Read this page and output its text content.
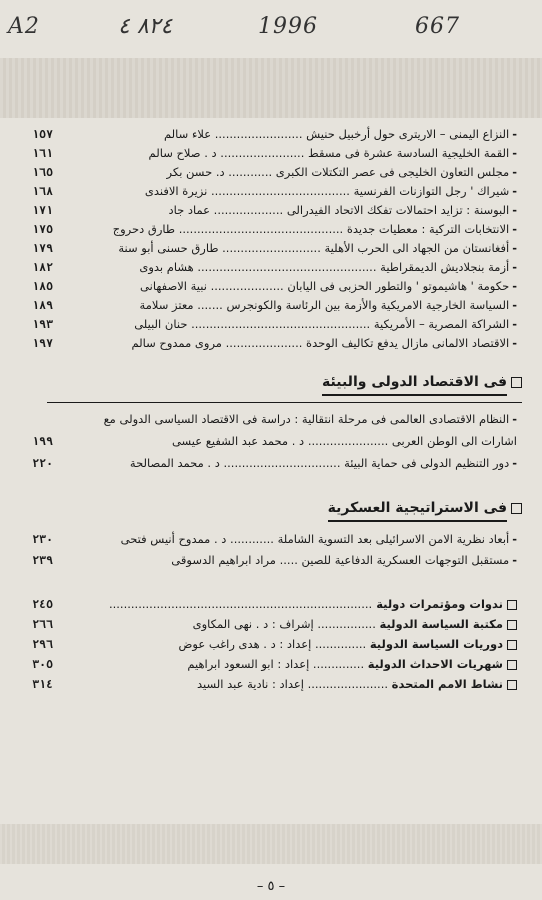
A2	٨٢٤ ٤	1996	667
-النزاع اليمنى – الاريترى حول أرخبيل حنيش ........................ علاء سالم
١٥٧
-القمة الخليجية السادسة عشرة فى مسقط ....................... د . صلاح سالم
١٦١
-مجلس التعاون الخليجى فى عصر التكتلات الكبرى ............ د. حسن بكر
١٦٥
-شيراك ' رجل التوازنات الفرنسية ...................................... نزيرة الافندى
١٦٨
-البوسنة : تزايد احتمالات تفكك الاتحاد الفيدرالى ................... عماد جاد
١٧١
-الانتخابات التركية : معطيات جديدة ............................................. طارق دحروج
١٧٥
-أفغانستان من الجهاد الى الحرب الأهلية ........................... طارق حسنى أبو سنة
١٧٩
-أزمة بنجلاديش الديمقراطية ................................................. هشام بدوى
١٨٢
-حكومة ' هاشيموتو ' والتطور الحزبى فى اليابان .................... نبية الاصفهانى
١٨٥
-السياسة الخارجية الامريكية والأزمة بين الرئاسة والكونجرس ....... معتز سلامة
١٨٩
-الشراكة المصرية – الأمريكية ................................................. حنان البيلى
١٩٣
-الاقتصاد الالمانى مازال يدفع تكاليف الوحدة ..................... مروى ممدوح سالم
١٩٧
فى الاقتصاد الدولى والبيئة
-النظام الاقتصادى العالمى فى مرحلة انتقالية : دراسة فى الاقتصاد السياسى الدولى مع
اشارات الى الوطن العربى ...................... د . محمد عبد الشفيع عيسى
١٩٩
-دور التنظيم الدولى فى حماية البيئة ................................ د . محمد المصالحة
٢٢٠
فى الاستراتيجية العسكرية
-أبعاد نظرية الامن الاسرائيلى بعد التسوية الشاملة ............ د . ممدوح أنيس فتحى
٢٣٠
-مستقبل التوجهات العسكرية الدفاعية للصين ..... مراد ابراهيم الدسوقى
٢٣٩
ندوات ومؤتمرات دولية ........................................................................
٢٤٥
مكتبة السياسة الدولية ................ إشراف : د . نهى المكاوى
٢٦٦
دوريات السياسة الدولية .............. إعداد : د . هدى راغب عوض
٢٩٦
شهريات الاحداث الدولية .............. إعداد : ابو السعود ابراهيم
٣٠٥
نشاط الامم المتحدة ...................... إعداد : نادية عبد السيد
٣١٤
– ٥ –
